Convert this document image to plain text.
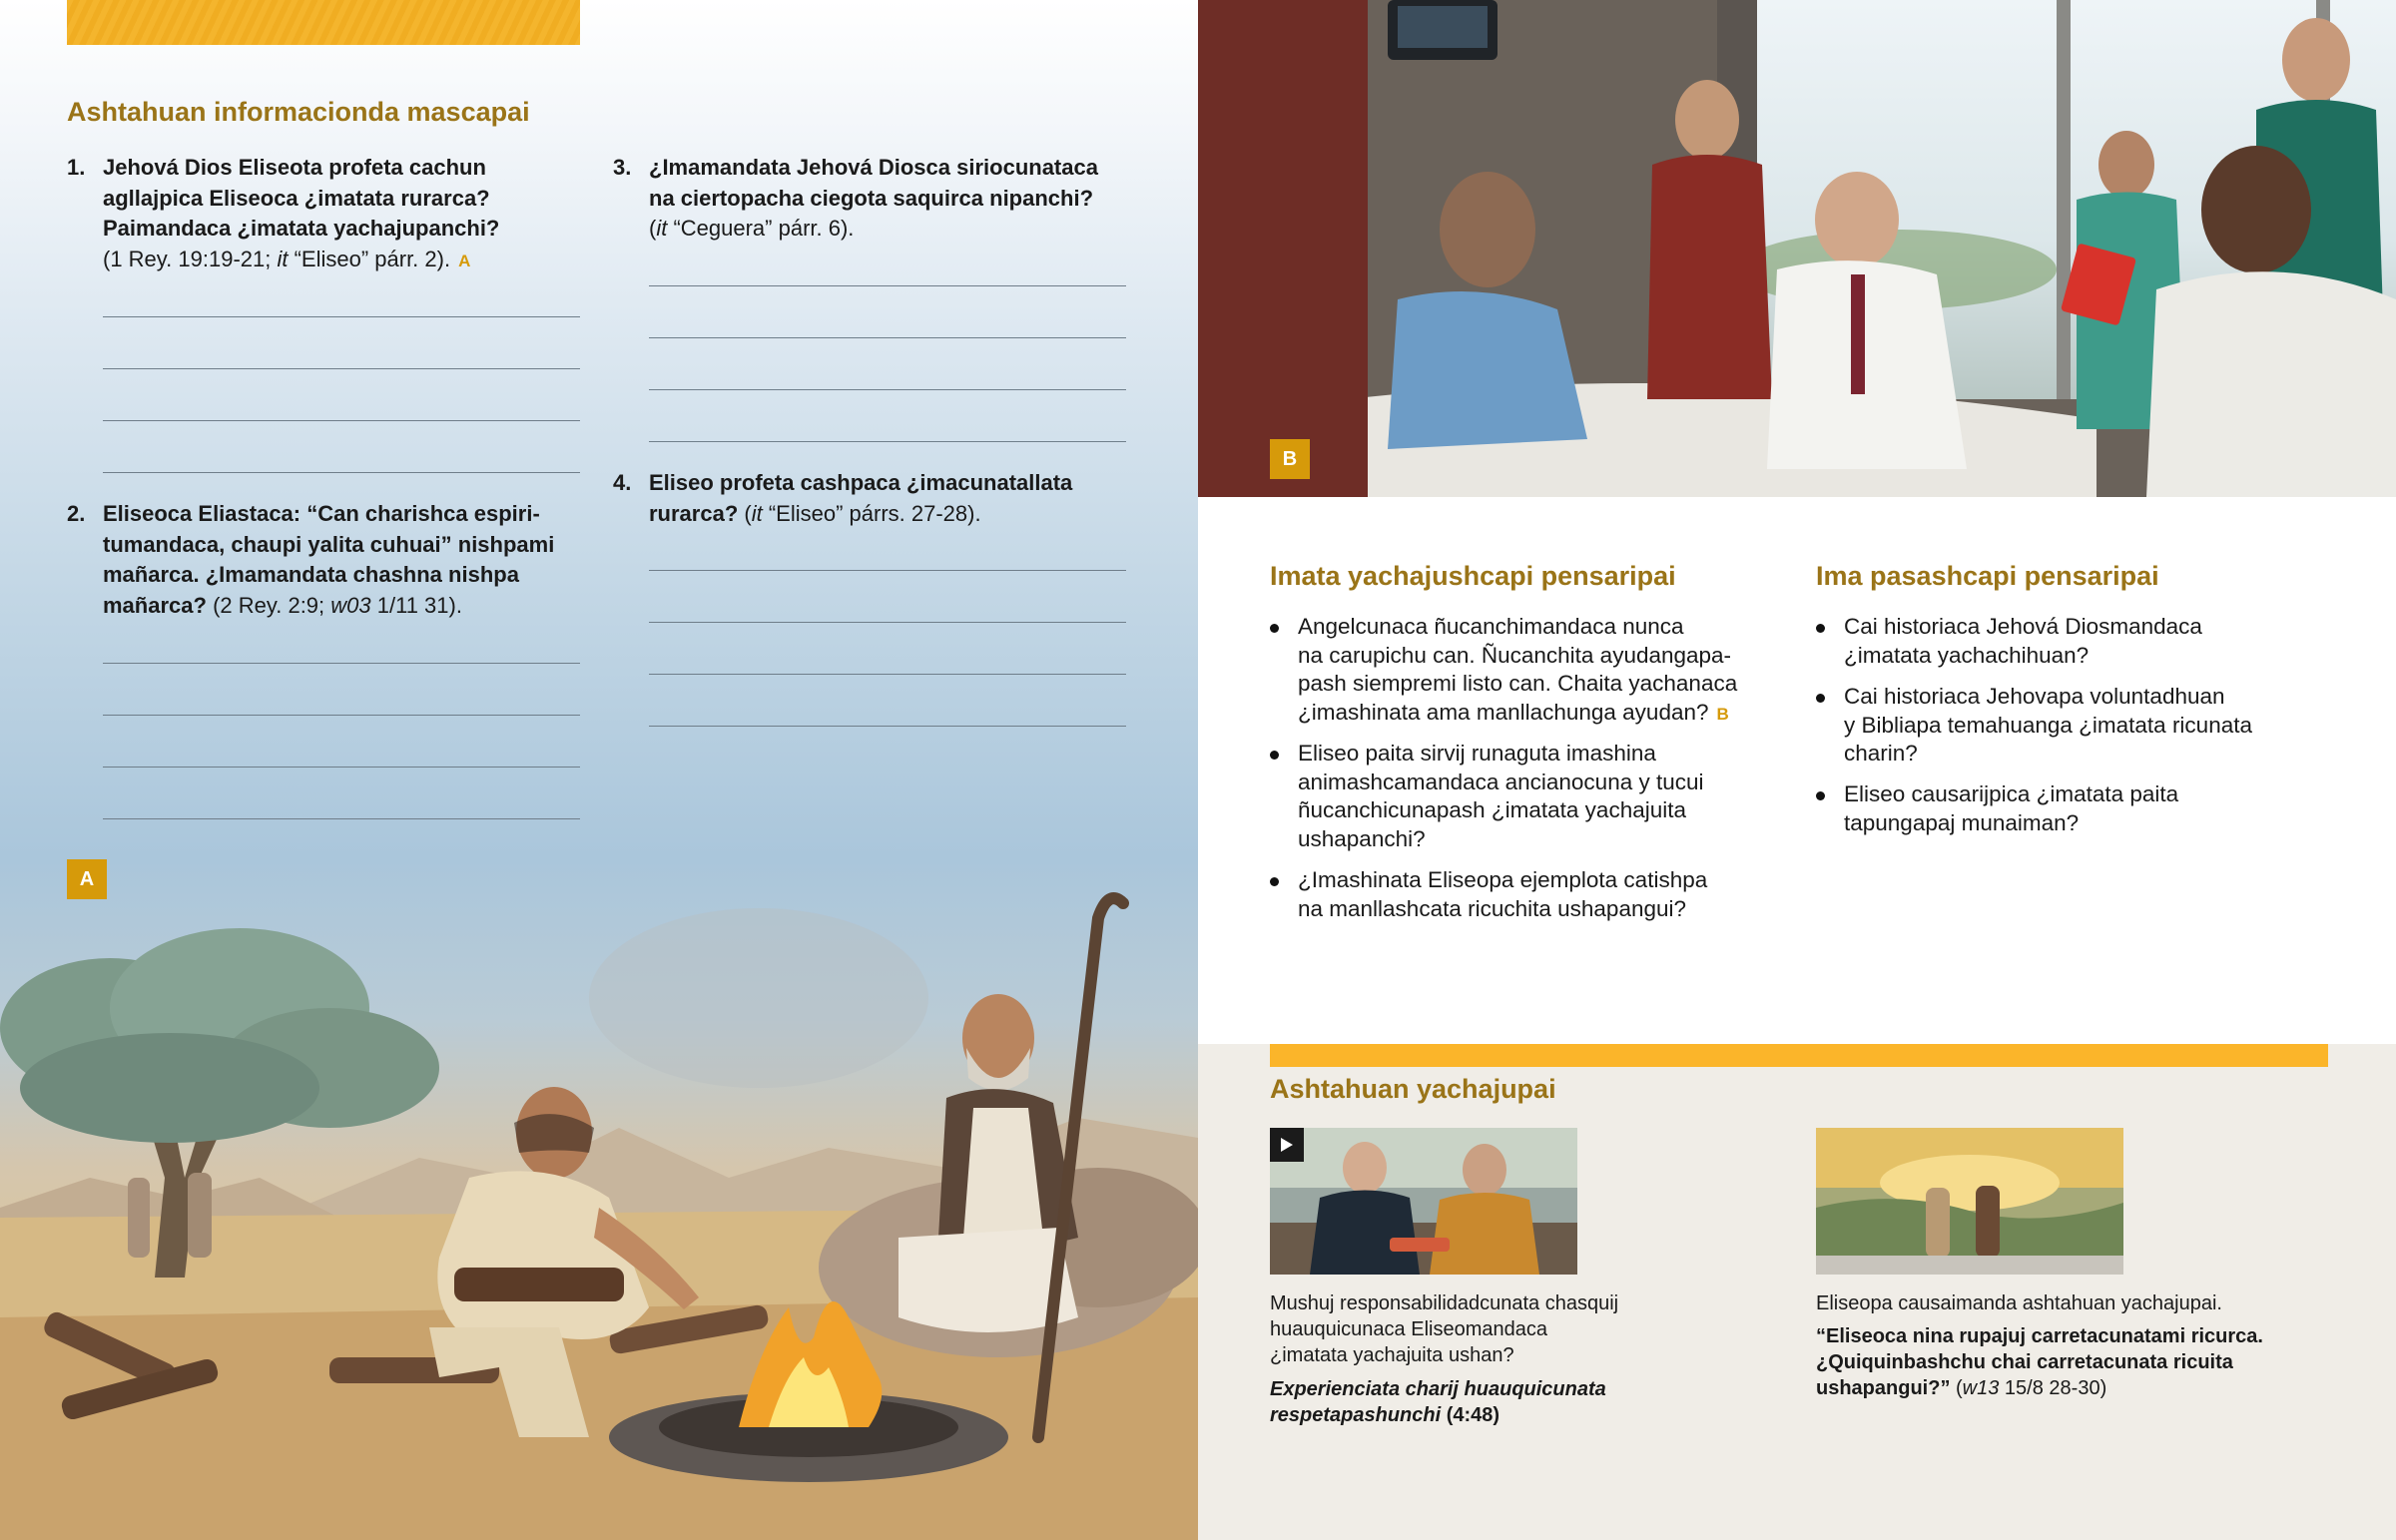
Ashtahuan informacionda mascapai
1. Jehová Dios Eliseota profeta cachun
agllajpica Eliseoca ¿imatata rurarca?
Paimandaca ¿imatata yachajupanchi?
(1 Rey. 19:19-21; it “Eliseo” párr. 2). A
2. Eliseoca Eliastaca: “Can charishca espiri-
tumandaca, chaupi yalita cuhuai” nishpami
mañarca. ¿Imamandata chashna nishpa
mañarca? (2 Rey. 2:9; w03 1/11 31).
3. ¿Imamandata Jehová Diosca siriocunataca
na ciertopacha ciegota saquirca nipanchi?
(it “Ceguera” párr. 6).
4. Eliseo profeta cashpaca ¿imacunatallata
rurarca? (it “Eliseo” párrs. 27-28).
A
B
Imata yachajushcapi pensaripai
Angelcunaca ñucanchimandaca nunca
na carupichu can. Ñucanchita ayudangapa-
pash siempremi listo can. Chaita yachanaca
¿imashinata ama manllachunga ayudan? B
Eliseo paita sirvij runaguta imashina
animashcamandaca ancianocuna y tucui
ñucanchicunapash ¿imatata yachajuita
ushapanchi?
¿Imashinata Eliseopa ejemplota catishpa
na manllashcata ricuchita ushapangui?
Ima pasashcapi pensaripai
Cai historiaca Jehová Diosmandaca
¿imatata yachachihuan?
Cai historiaca Jehovapa voluntadhuan
y Bibliapa temahuanga ¿imatata ricunata
charin?
Eliseo causarijpica ¿imatata paita
tapungapaj munaiman?
Ashtahuan yachajupai
Mushuj responsabilidadcunata chasquij
huauquicunaca Eliseomandaca
¿imatata yachajuita ushan?
Experienciata charij huauquicunata
respetapashunchi (4:48)
Eliseopa causaimanda ashtahuan yachajupai.
“Eliseoca nina rupajuj carretacunatami ricurca.
¿Quiquinbashchu chai carretacunata ricuita
ushapangui?” (w13 15/8 28-30)
